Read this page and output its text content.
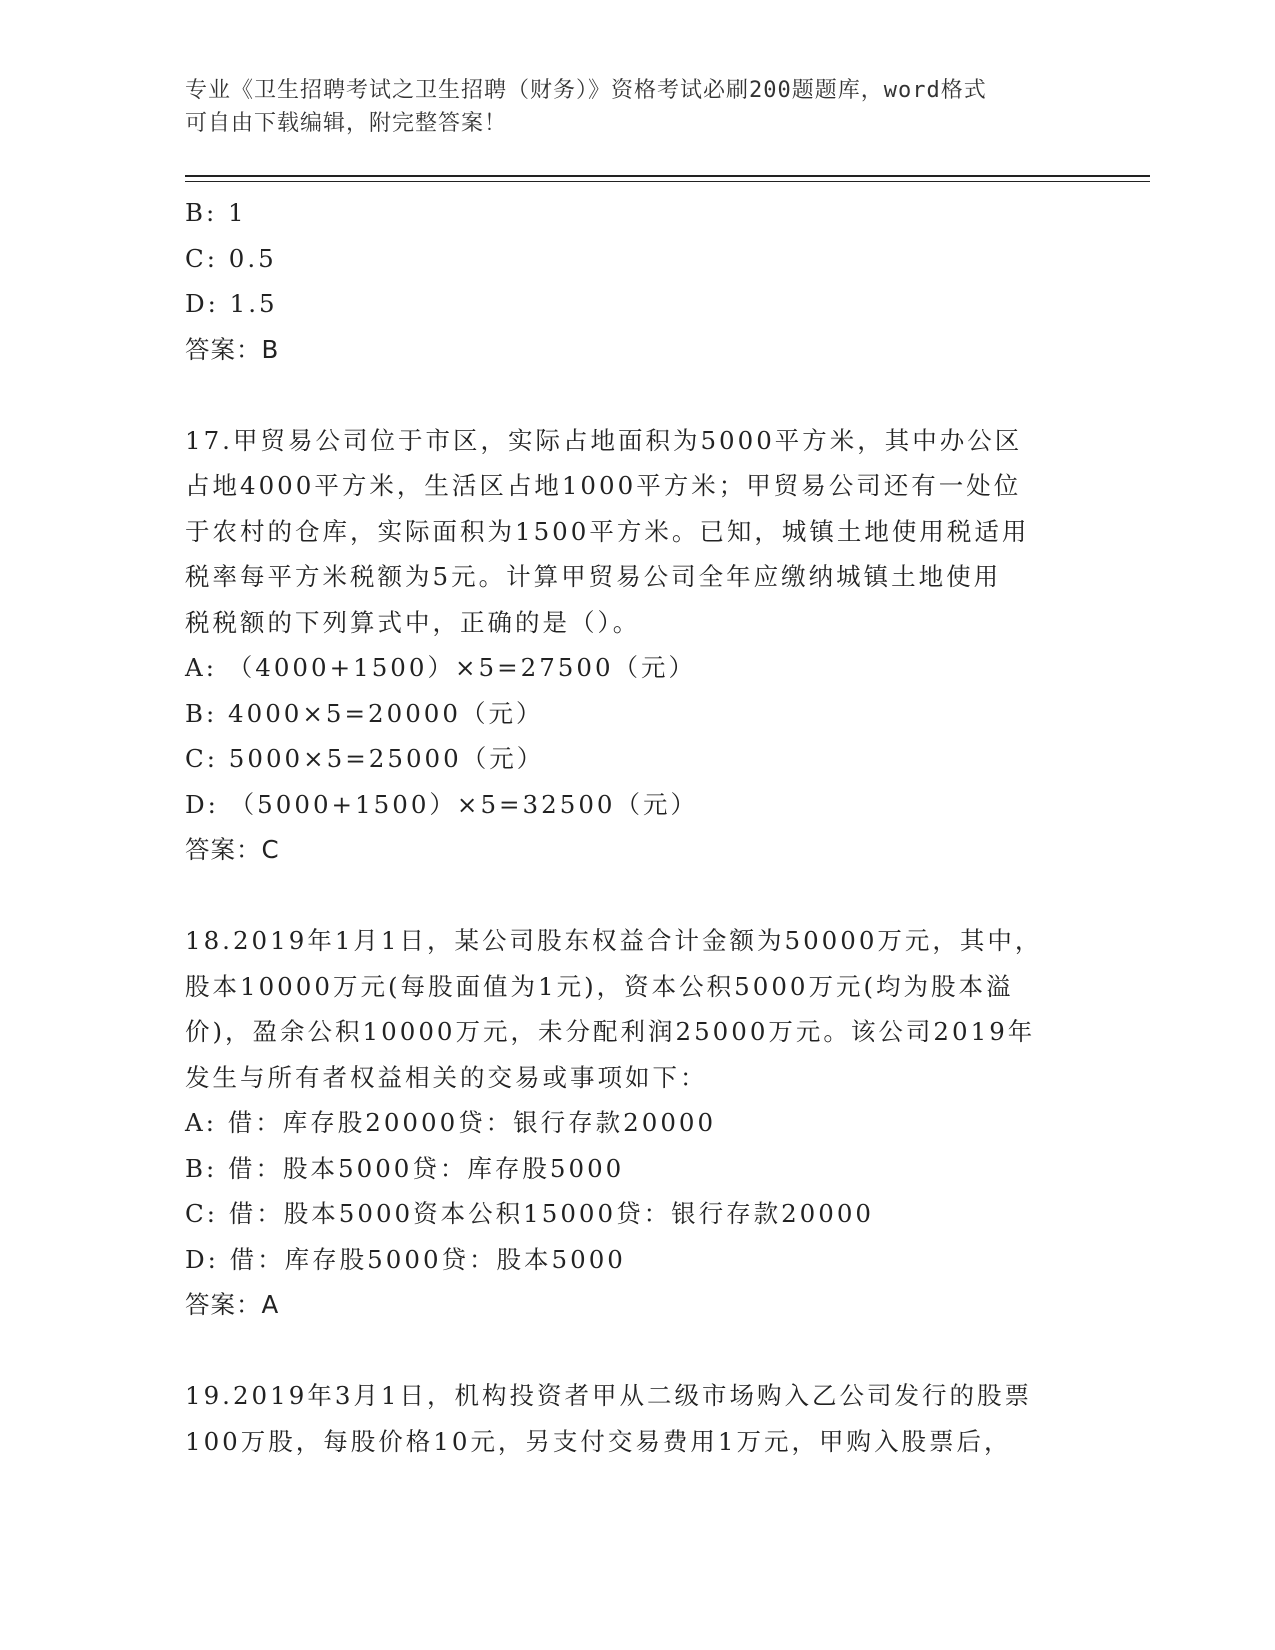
专业《卫生招聘考试之卫生招聘（财务）》资格考试必刷200题题库，word格式
可自由下载编辑，附完整答案！
B: 1
C: 0.5
D: 1.5
答案：B
17.甲贸易公司位于市区，实际占地面积为5000平方米，其中办公区
占地4000平方米，生活区占地1000平方米；甲贸易公司还有一处位
于农村的仓库，实际面积为1500平方米。已知，城镇土地使用税适用
税率每平方米税额为5元。计算甲贸易公司全年应缴纳城镇土地使用
税税额的下列算式中，正确的是（）。
A: （4000+1500）×5=27500（元）
B: 4000×5=20000（元）
C: 5000×5=25000（元）
D: （5000+1500）×5=32500（元）
答案：C
18.2019年1月1日，某公司股东权益合计金额为50000万元，其中，
股本10000万元(每股面值为1元)，资本公积5000万元(均为股本溢
价)，盈余公积10000万元，未分配利润25000万元。该公司2019年
发生与所有者权益相关的交易或事项如下：
A: 借：库存股20000贷：银行存款20000
B: 借：股本5000贷：库存股5000
C: 借：股本5000资本公积15000贷：银行存款20000
D: 借：库存股5000贷：股本5000
答案：A
19.2019年3月1日，机构投资者甲从二级市场购入乙公司发行的股票
100万股，每股价格10元，另支付交易费用1万元，甲购入股票后，
